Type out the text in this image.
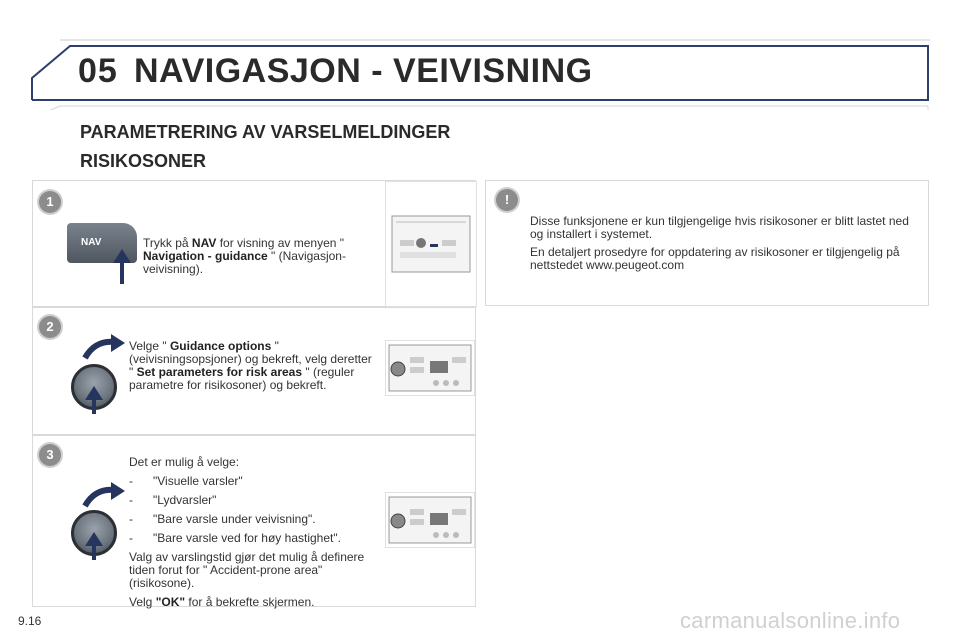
05 NAVIGASJON - VEIVISNING
PARAMETRERING AV VARSELMELDINGER
RISIKOSONER
1
NAV	Trykk på NAV for visning av menyen " Navigation - guidance " (Navigasjon-veivisning).
2
Velge " Guidance options " (veivisningsopsjoner) og bekreft, velg deretter " Set parameters for risk areas " (reguler parametre for risikosoner) og bekreft.
3	Det er mulig å velge:
- "Visuelle varsler"
- "Lydvarsler"
- "Bare varsle under veivisning".
- "Bare varsle ved for høy hastighet".
Valg av varslingstid gjør det mulig å definere tiden forut for " Accident-prone area" (risikosone).
Velg "OK" for å bekrefte skjermen.
!
Disse funksjonene er kun tilgjengelige hvis risikosoner er blitt lastet ned og installert i systemet.
En detaljert prosedyre for oppdatering av risikosoner er tilgjengelig på nettstedet www.peugeot.com
9.16	carmanualsonline.info
